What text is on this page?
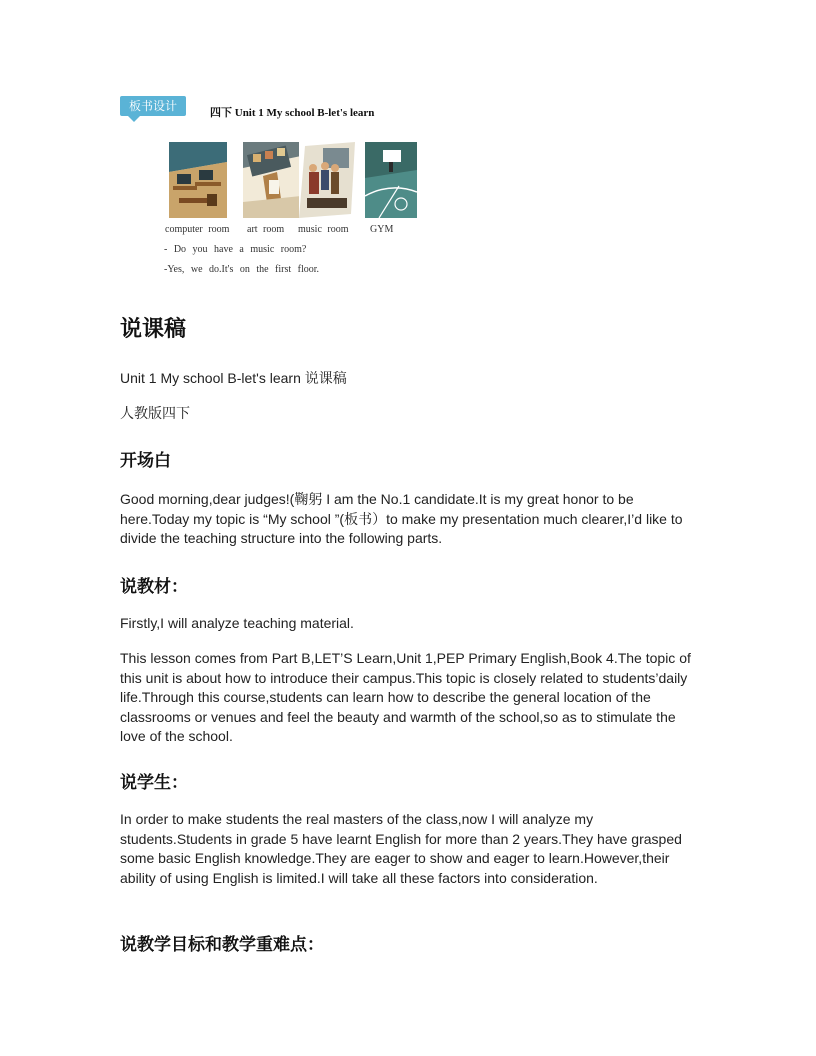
板书设计	四下 Unit 1 My school B-let's learn
computer room art room music room GYM
- Do you have a music room?
-Yes, we do.It's on the first floor.
说课稿
Unit 1 My school B-let's learn 说课稿
人教版四下
开场白
Good morning,dear judges!(鞠躬 I am the No.1 candidate.It is my great honor to be here.Today my topic is “My school ”(板书）to make my presentation much clearer,I’d like to divide the teaching structure into the following parts.
说教材：
Firstly,I will analyze teaching material.
This lesson comes from Part B,LET’S Learn,Unit 1,PEP Primary English,Book 4.The topic of this unit is about how to introduce their campus.This topic is closely related to students’daily life.Through this course,students can learn how to describe the general location of the classrooms or venues and feel the beauty and warmth of the school,so as to stimulate the love of the school.
说学生：
In order to make students the real masters of the class,now I will analyze my students.Students in grade 5 have learnt English for more than 2 years.They have grasped some basic English knowledge.They are eager to show and eager to learn.However,their ability of using English is limited.I will take all these factors into consideration.
说教学目标和教学重难点：
